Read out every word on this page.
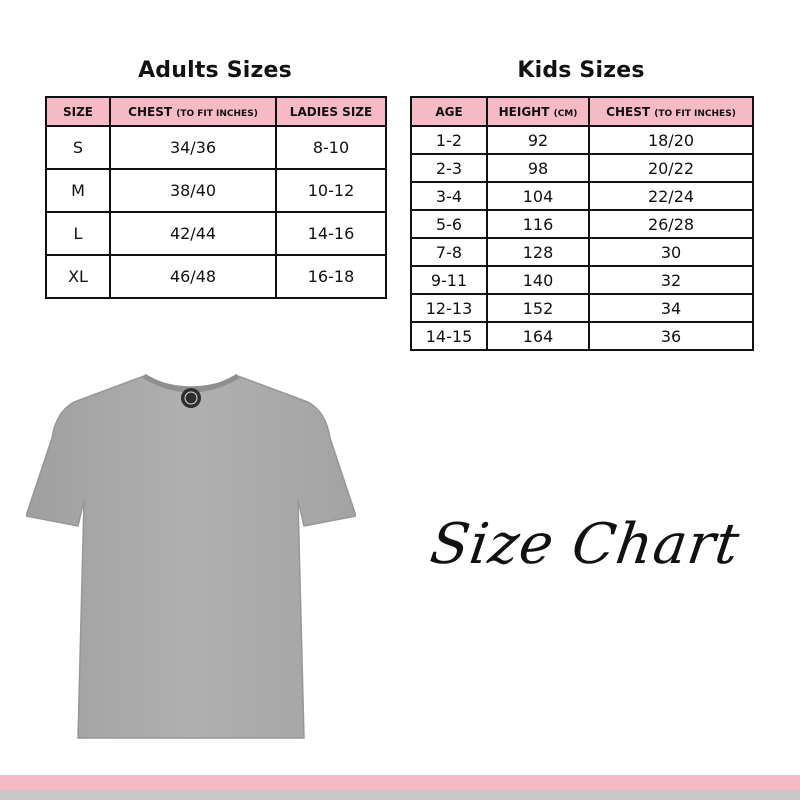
Adults Sizes	Kids Sizes
SIZE	CHEST (TO FIT INCHES)	LADIES SIZE
S	34/36	8-10
M	38/40	10-12
L	42/44	14-16
XL	46/48	16-18
AGE	HEIGHT (CM)	CHEST (TO FIT INCHES)
1-2	92	18/20
2-3	98	20/22
3-4	104	22/24
5-6	116	26/28
7-8	128	30
9-11	140	32
12-13	152	34
14-15	164	36
Size Chart
